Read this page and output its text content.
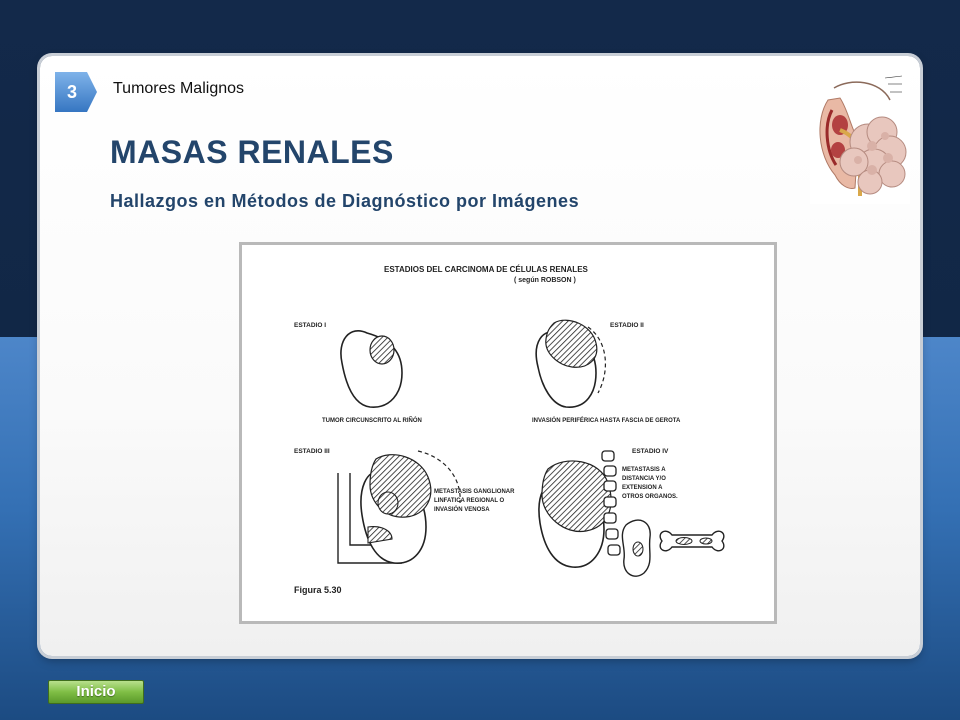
3	Tumores Malignos
MASAS RENALES
Hallazgos en Métodos de Diagnóstico por Imágenes
ESTADIOS DEL CARCINOMA DE CÉLULAS RENALES
( según ROBSON )
ESTADIO I
TUMOR CIRCUNSCRITO AL RIÑÓN
ESTADIO II
INVASIÓN PERIFÉRICA HASTA FASCIA DE GEROTA
ESTADIO III
METASTASIS GANGLIONAR
LINFATICA REGIONAL O
INVASIÓN VENOSA
ESTADIO IV
METASTASIS A
DISTANCIA Y/O
EXTENSION A
OTROS ORGANOS.
Figura 5.30
Inicio
